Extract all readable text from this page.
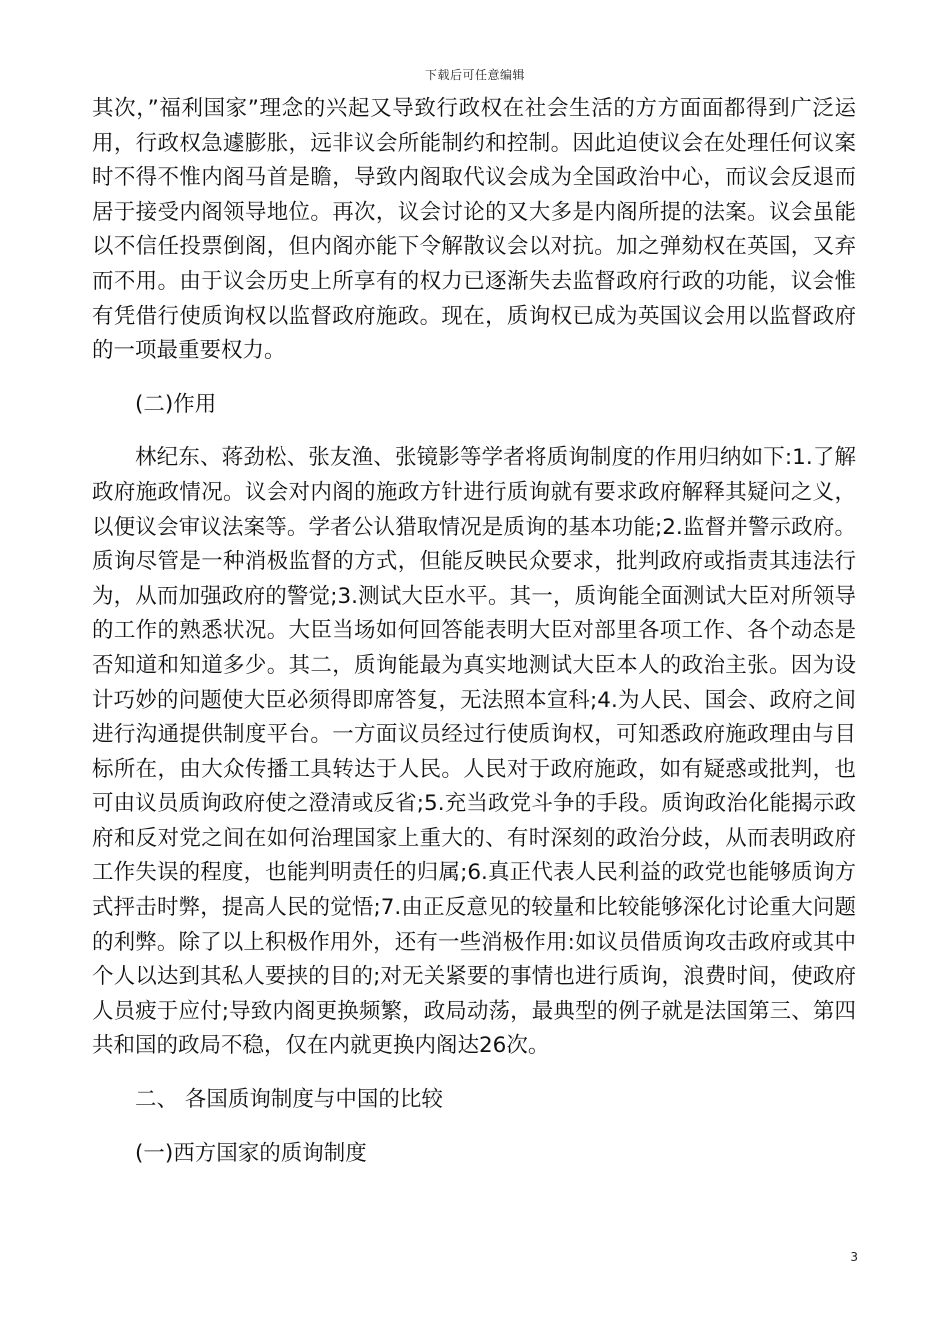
下载后可任意编辑

其次，”福利国家”理念的兴起又导致行政权在社会生活的方方面面都得到广泛运用，行政权急遽膨胀，远非议会所能制约和控制。因此迫使议会在处理任何议案时不得不惟内阁马首是瞻，导致内阁取代议会成为全国政治中心，而议会反退而居于接受内阁领导地位。再次，议会讨论的又大多是内阁所提的法案。议会虽能以不信任投票倒阁，但内阁亦能下令解散议会以对抗。加之弹劾权在英国，又弃而不用。由于议会历史上所享有的权力已逐渐失去监督政府行政的功能，议会惟有凭借行使质询权以监督政府施政。现在，质询权已成为英国议会用以监督政府的一项最重要权力。

(二)作用

林纪东、蒋劲松、张友渔、张镜影等学者将质询制度的作用归纳如下:1.了解政府施政情况。议会对内阁的施政方针进行质询就有要求政府解释其疑问之义，以便议会审议法案等。学者公认猎取情况是质询的基本功能;2.监督并警示政府。质询尽管是一种消极监督的方式，但能反映民众要求，批判政府或指责其违法行为，从而加强政府的警觉;3.测试大臣水平。其一，质询能全面测试大臣对所领导的工作的熟悉状况。大臣当场如何回答能表明大臣对部里各项工作、各个动态是否知道和知道多少。其二，质询能最为真实地测试大臣本人的政治主张。因为设计巧妙的问题使大臣必须得即席答复，无法照本宣科;4.为人民、国会、政府之间进行沟通提供制度平台。一方面议员经过行使质询权，可知悉政府施政理由与目标所在，由大众传播工具转达于人民。人民对于政府施政，如有疑惑或批判，也可由议员质询政府使之澄清或反省;5.充当政党斗争的手段。质询政治化能揭示政府和反对党之间在如何治理国家上重大的、有时深刻的政治分歧，从而表明政府工作失误的程度，也能判明责任的归属;6.真正代表人民利益的政党也能够质询方式抨击时弊，提高人民的觉悟;7.由正反意见的较量和比较能够深化讨论重大问题的利弊。除了以上积极作用外，还有一些消极作用:如议员借质询攻击政府或其中个人以达到其私人要挟的目的;对无关紧要的事情也进行质询，浪费时间，使政府人员疲于应付;导致内阁更换频繁，政局动荡，最典型的例子就是法国第三、第四共和国的政局不稳，仅在内就更换内阁达26次。

二、 各国质询制度与中国的比较

(一)西方国家的质询制度

3
